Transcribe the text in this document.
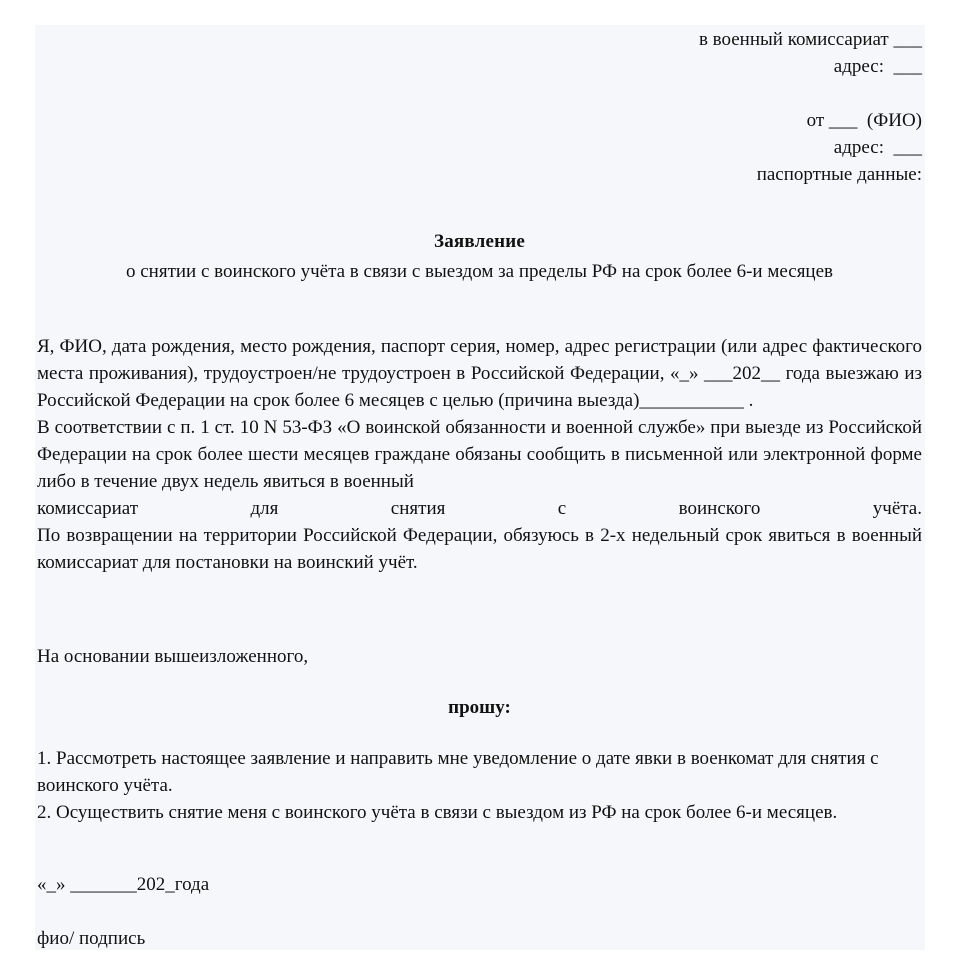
в военный комиссариат ___
адрес:  ___
от ___  (ФИО)
адрес:  ___
паспортные данные:
Заявление
о снятии с воинского учёта в связи с выездом за пределы РФ на срок более 6-и месяцев

Я, ФИО, дата рождения, место рождения, паспорт серия, номер, адрес регистрации (или адрес фактического места проживания), трудоустроен/не трудоустроен в Российской Федерации, «_» ___202__ года выезжаю из Российской Федерации на срок более 6 месяцев с целью (причина выезда)___________ .

В соответствии с п. 1 ст. 10 N 53-ФЗ «О воинской обязанности и военной службе» при выезде из Российской Федерации на срок более шести месяцев граждане обязаны сообщить в письменной или электронной форме либо в течение двух недель явиться в военный

комиссариат для снятия с воинского учёта.

По возвращении на территории Российской Федерации, обязуюсь в 2-х недельный срок явиться в военный комиссариат для постановки на воинский учёт.

На основании вышеизложенного,
прошу:

1. Рассмотреть настоящее заявление и направить мне уведомление о дате явки в военкомат для снятия с воинского учёта.

2. Осуществить снятие меня с воинского учёта в связи с выездом из РФ на срок более 6-и месяцев.

«_» _______202_года
фио/ подпись
